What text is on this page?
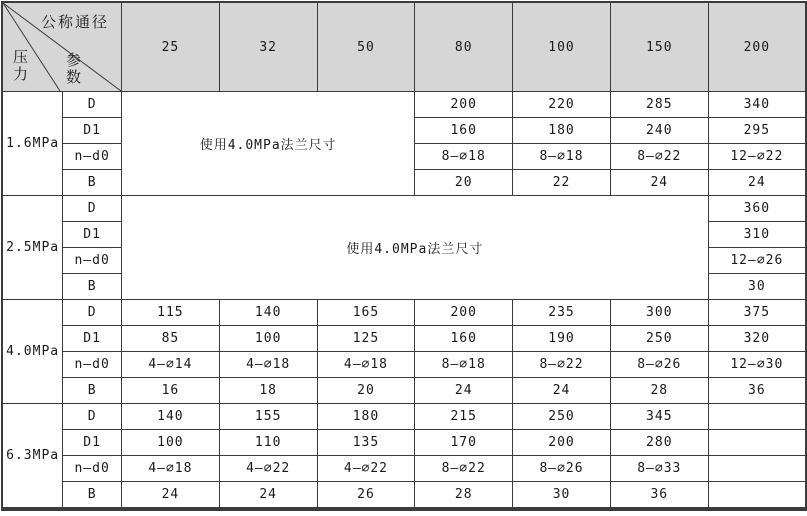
公称通径
压力
参数		25	32	50	80	100	150	200
1.6MPa	D	使用4.0MPa法兰尺寸			200	220	285	340
	D1				160	180	240	295
	n—d0				8—∅18	8—∅18	8—∅22	12—∅22
	B				20	22	24	24
2.5MPa	D	使用4.0MPa法兰尺寸						360
	D1							310
	n—d0							12—∅26
	B							30
4.0MPa	D	115	140	165	200	235	300	375
	D1	85	100	125	160	190	250	320
	n—d0	4—∅14	4—∅18	4—∅18	8—∅18	8—∅22	8—∅26	12—∅30
	B	16	18	20	24	24	28	36
6.3MPa	D	140	155	180	215	250	345	
	D1	100	110	135	170	200	280	
	n—d0	4—∅18	4—∅22	4—∅22	8—∅22	8—∅26	8—∅33	
	B	24	24	26	28	30	36	
